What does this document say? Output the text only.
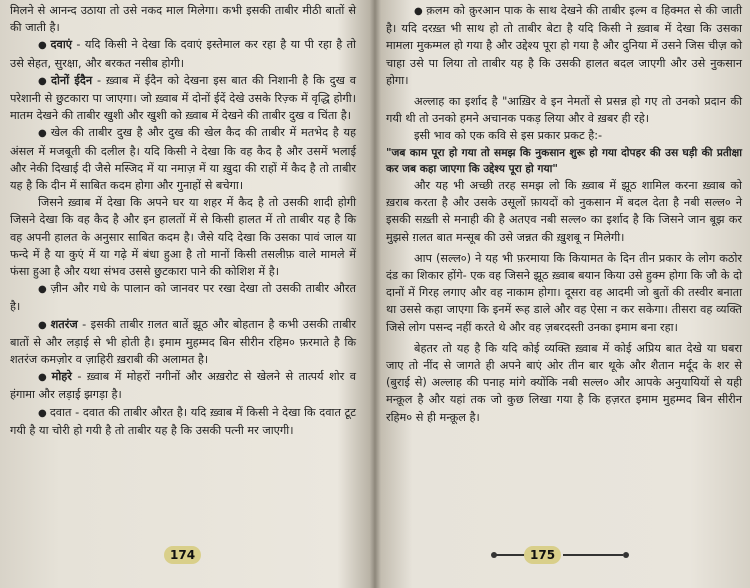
मिलने से आनन्द उठाया तो उसे नकद माल मिलेगा। कभी इसकी ताबीर मीठी बातों से की जाती है।

● दवाएं - यदि किसी ने देखा कि दवाएं इस्तेमाल कर रहा है या पी रहा है तो उसे सेहत, सुरक्षा, और बरकत नसीब होगी।

● दोनों ईदैन - ख़्वाब में ईदैन को देखना इस बात की निशानी है कि दुख व परेशानी से छुटकारा पा जाएगा। जो ख़्वाब में दोनों ईदें देखे उसके रिज़्क में वृद्धि होगी। मातम देखने की ताबीर खुशी और खुशी को ख़्वाब में देखने की ताबीर दुख व चिंता है।

● खेल की ताबीर दुख है और दुख की खेल कैद की ताबीर में मतभेद है यह अंसल में मजबूती की दलील है। यदि किसी ने देखा कि वह कैद है और उसमें भलाई और नेकी दिखाई दी जैसे मस्जिद में या नमाज़ में या ख़ुदा की राहों में कैद है तो ताबीर यह है कि दीन में साबित कदम होगा और गुनाहों से बचेगा।

जिसने ख़्वाब में देखा कि अपने घर या शहर में कैद है तो उसकी शादी होगी जिसने देखा कि वह कैद है और इन हालतों में से किसी हालत में तो ताबीर यह है कि वह अपनी हालत के अनुसार साबित कदम है। जैसे यदि देखा कि उसका पावं जाल या फन्दे में है या कुएं में या गढ़े में बंधा हुआ है तो मानों किसी तसलीफ़ वाले मामले में फंसा हुआ है और यथा संभव उससे छुटकारा पाने की कोशिश में है।

● ज़ीन और गधे के पालान को जानवर पर रखा देखा तो उसकी ताबीर औरत है।

● शतरंज - इसकी ताबीर ग़लत बातें झूठ और बोहतान है कभी उसकी ताबीर बातों से और लड़ाई से भी होती है। इमाम मुहम्मद बिन सीरीन रहिम० फ़रमाते है कि शतरंज कमज़ोर व ज़ाहिरी ख़राबी की अलामत है।

● मोहरे - ख़्वाब में मोहरों नगीनों और अख़रोट से खेलने से तात्पर्य शोर व हंगामा और लड़ाई झगड़ा है।

● दवात - दवात की ताबीर औरत है। यदि ख़्वाब में किसी ने देखा कि दवात टूट गयी है या चोरी हो गयी है तो ताबीर यह है कि उसकी पत्नी मर जाएगी।

174

● क़लम को क़ुरआन पाक के साथ देखने की ताबीर इल्म व हिक्मत से की जाती है। यदि दरख़्त भी साथ हो तो ताबीर बेटा है यदि किसी ने ख़्वाब में देखा कि उसका मामला मुकम्मल हो गया है और उद्देश्य पूरा हो गया है और दुनिया में उसने जिस चीज़ को चाहा उसे पा लिया तो ताबीर यह है कि उसकी हालत बदल जाएगी और उसे नुकसान होगा।

अल्लाह का इर्शाद है "आख़िर वे इन नेमतों से प्रसन्न हो गए तो उनको प्रदान की गयी थी तो उनको हमने अचानक पकड़ लिया और वे ख़बर ही रहे।

इसी भाव को एक कवि से इस प्रकार प्रकट है:-

"जब काम पूरा हो गया तो समझ कि नुकसान शुरू हो गया दोपहर की उस घड़ी की प्रतीक्षा कर जब कहा जाएगा कि उद्देश्य पूरा हो गया"

और यह भी अच्छी तरह समझ लो कि ख़्वाब में झूठ शामिल करना ख़्वाब को ख़राब करता है और उसके उसूलों फ़ायदों को नुकसान में बदल देता है नबी सल्ल० ने इसकी सख़्ती से मनाही की है अतएव नबी सल्ल० का इर्शाद है कि जिसने जान बूझ कर मुझसे ग़लत बात मन्सूब की उसे जन्नत की ख़ुशबू न मिलेगी।

आप (सल्ल०) ने यह भी फ़रमाया कि कियामत के दिन तीन प्रकार के लोग कठोर दंड का शिकार होंगे- एक वह जिसने झूठ ख़्वाब बयान किया उसे हुक्म होगा कि जौ के दो दानों में गिरह लगाए और वह नाकाम होगा। दूसरा वह आदमी जो बुतों की तस्वीर बनाता था उससे कहा जाएगा कि इनमें रूह डाले और वह ऐसा न कर सकेगा। तीसरा वह व्यक्ति जिसे लोग पसन्द नहीं करते थे और वह ज़बरदस्ती उनका इमाम बना रहा।

बेहतर तो यह है कि यदि कोई व्यक्ति ख़्वाब में कोई अप्रिय बात देखे या घबरा जाए तो नींद से जागते ही अपने बाएं ओर तीन बार थूके और शैतान मर्दूद के शर से (बुराई से) अल्लाह की पनाह मांगे क्योंकि नबी सल्ल० और आपके अनुयायियों से यही मन्क़ूल है और यहां तक जो कुछ लिखा गया है कि हज़रत इमाम मुहम्मद बिन सीरीन रहिम० से ही मन्क़ूल है।

175
